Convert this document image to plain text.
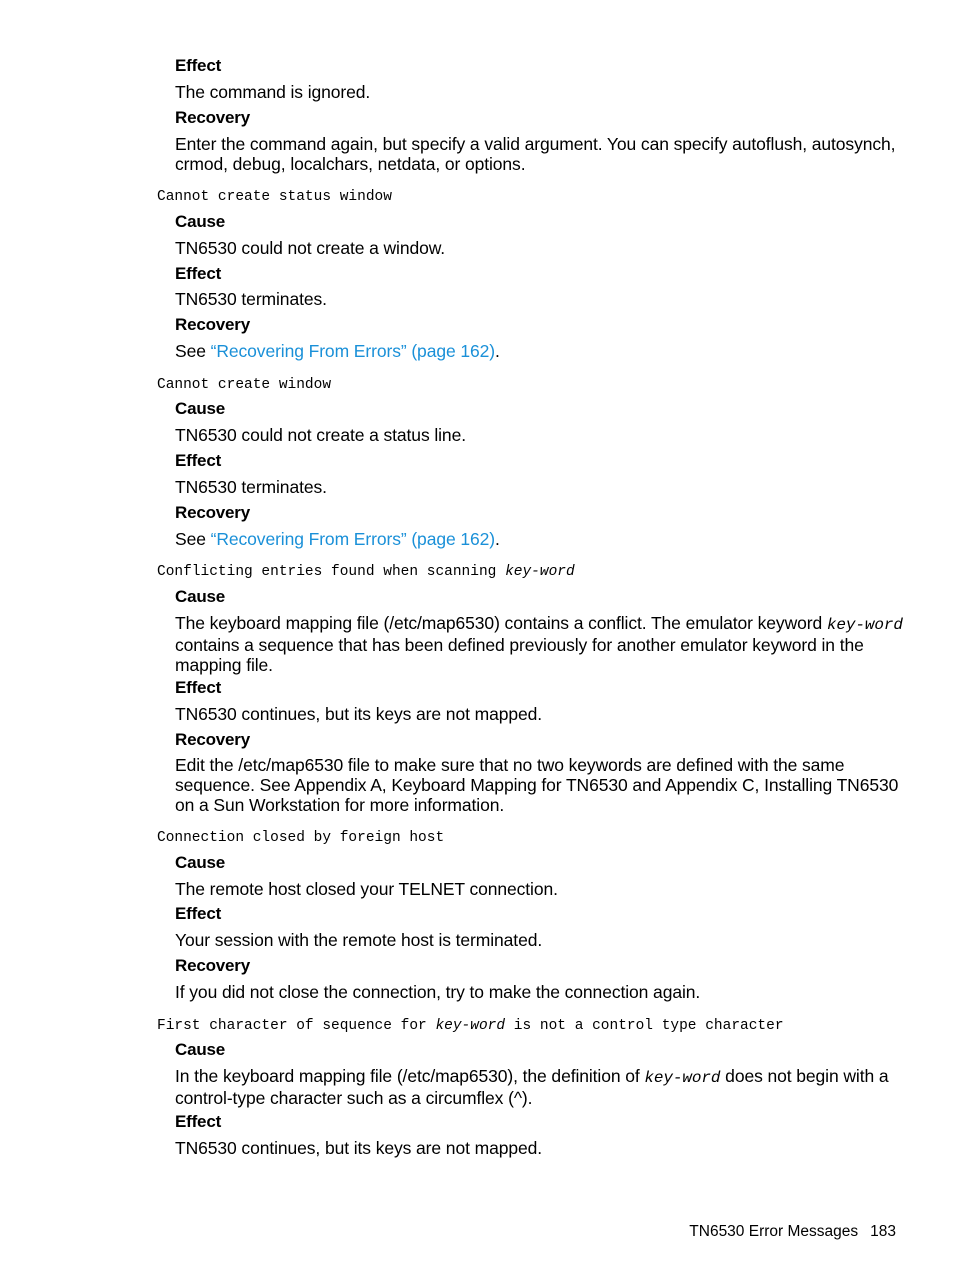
Effect
The command is ignored.
Recovery
Enter the command again, but specify a valid argument. You can specify autoflush, autosynch, crmod, debug, localchars, netdata, or options.
Cannot create status window
Cause
TN6530 could not create a window.
Effect
TN6530 terminates.
Recovery
See “Recovering From Errors” (page 162).
Cannot create window
Cause
TN6530 could not create a status line.
Effect
TN6530 terminates.
Recovery
See “Recovering From Errors” (page 162).
Conflicting entries found when scanning key-word
Cause
The keyboard mapping file (/etc/map6530) contains a conflict. The emulator keyword key-word
contains a sequence that has been defined previously for another emulator keyword in the mapping file.
Effect
TN6530 continues, but its keys are not mapped.
Recovery
Edit the /etc/map6530 file to make sure that no two keywords are defined with the same sequence. See Appendix A, Keyboard Mapping for TN6530 and Appendix C, Installing TN6530 on a Sun Workstation for more information.
Connection closed by foreign host
Cause
The remote host closed your TELNET connection.
Effect
Your session with the remote host is terminated.
Recovery
If you did not close the connection, try to make the connection again.
First character of sequence for key-word is not a control type character
Cause
In the keyboard mapping file (/etc/map6530), the definition of key-word does not begin with a control-type character such as a circumflex (^).
Effect
TN6530 continues, but its keys are not mapped.
TN6530 Error Messages 183
